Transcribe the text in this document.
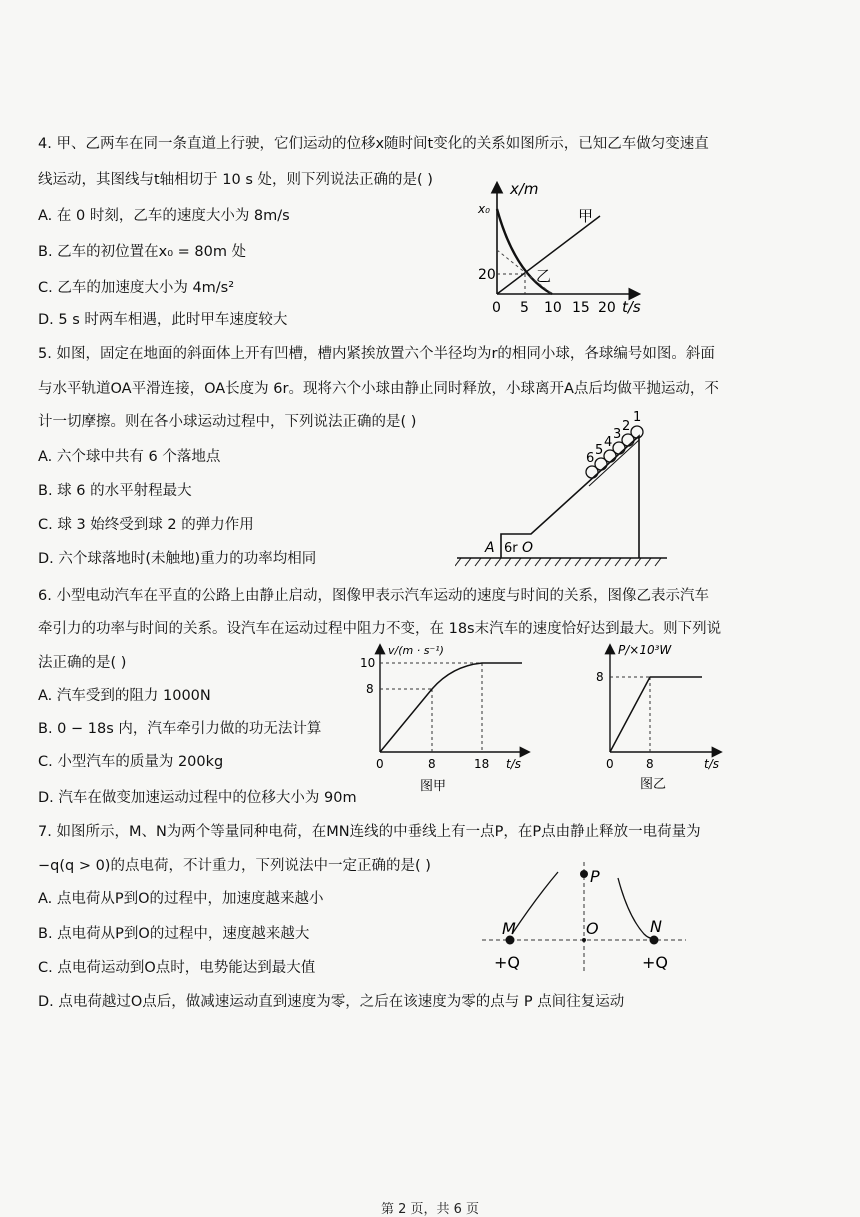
4. 甲、乙两车在同一条直道上行驶，它们运动的位移x随时间t变化的关系如图所示，已知乙车做匀变速直
线运动，其图线与t轴相切于 10 s 处，则下列说法正确的是( )
A. 在 0 时刻，乙车的速度大小为 8m/s
B. 乙车的初位置在x₀ = 80m 处
C. 乙车的加速度大小为 4m/s²
D. 5 s 时两车相遇，此时甲车速度较大
x/m
x₀
20
甲
乙
0 5 10 15 20 t/s
5. 如图，固定在地面的斜面体上开有凹槽，槽内紧挨放置六个半径均为r的相同小球，各球编号如图。斜面
与水平轨道OA平滑连接，OA长度为 6r。现将六个小球由静止同时释放，小球离开A点后均做平抛运动，不
计一切摩擦。则在各小球运动过程中，下列说法正确的是( )
A. 六个球中共有 6 个落地点
B. 球 6 的水平射程最大
C. 球 3 始终受到球 2 的弹力作用
D. 六个球落地时(未触地)重力的功率均相同
6
5
4
3
2
1
A 6r O
6. 小型电动汽车在平直的公路上由静止启动，图像甲表示汽车运动的速度与时间的关系，图像乙表示汽车
牵引力的功率与时间的关系。设汽车在运动过程中阻力不变，在 18s末汽车的速度恰好达到最大。则下列说
法正确的是( )
A. 汽车受到的阻力 1000N
B. 0 − 18s 内，汽车牵引力做的功无法计算
C. 小型汽车的质量为 200kg
D. 汽车在做变加速运动过程中的位移大小为 90m
v/(m · s⁻¹)
10
8
0	8	18 t/s
图甲
P/×10³W
8
0	8	t/s
图乙
7. 如图所示，M、N为两个等量同种电荷，在MN连线的中垂线上有一点P，在P点由静止释放一电荷量为
−q(q > 0)的点电荷，不计重力，下列说法中一定正确的是( )
A. 点电荷从P到O的过程中，加速度越来越小
B. 点电荷从P到O的过程中，速度越来越大
C. 点电荷运动到O点时，电势能达到最大值
D. 点电荷越过O点后，做减速运动直到速度为零，之后在该速度为零的点与 P 点间往复运动
P
M	O	N
+Q	+Q
第 2 页，共 6 页
